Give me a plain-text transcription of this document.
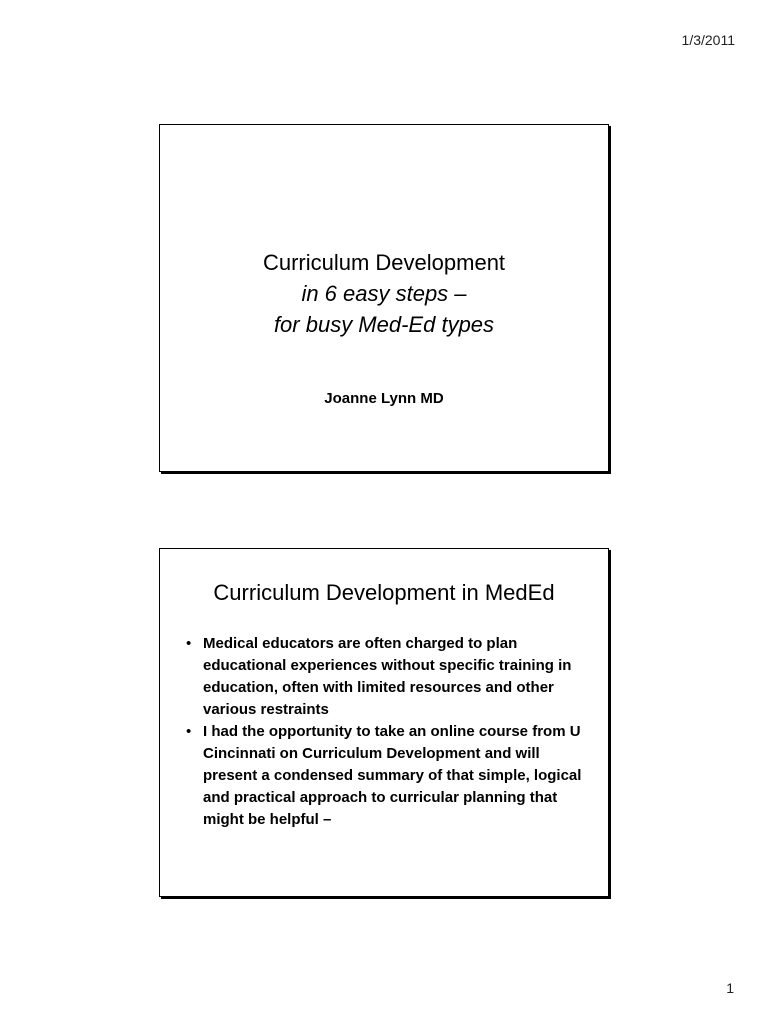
1/3/2011
Curriculum Development
in 6 easy steps –
for busy Med-Ed types
Joanne Lynn MD
Curriculum Development in MedEd
• Medical educators are often charged to plan educational experiences without specific training in education, often with limited resources and other various restraints
• I had the opportunity to take an online course from U Cincinnati on Curriculum Development and will present a condensed summary of that simple, logical and practical approach to curricular planning that might be helpful –
1
